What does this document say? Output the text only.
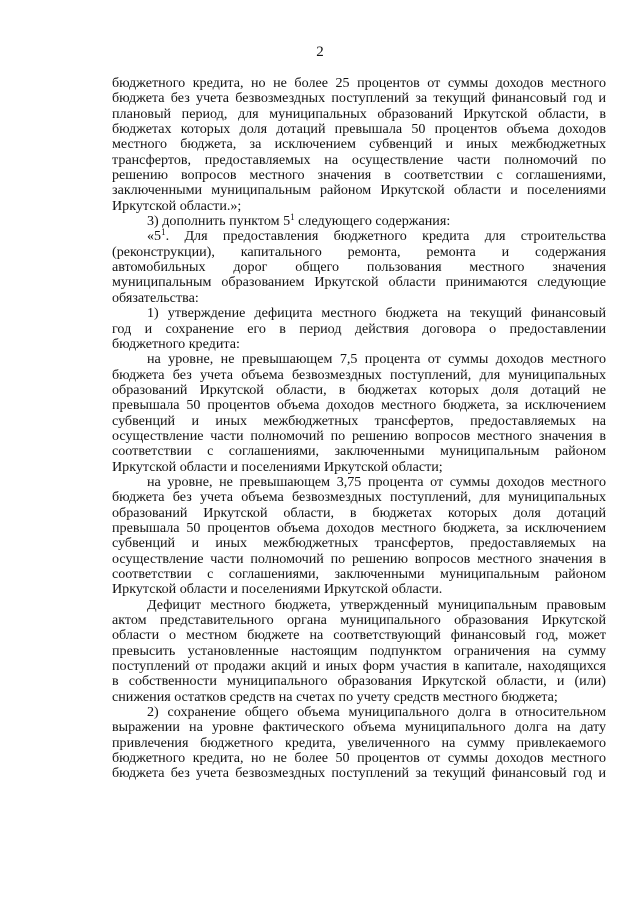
2
бюджетного кредита, но не более 25 процентов от суммы доходов местного
бюджета без учета безвозмездных поступлений за текущий финансовый год и
плановый период, для муниципальных образований Иркутской области, в
бюджетах которых доля дотаций превышала 50 процентов объема доходов
местного бюджета, за исключением субвенций и иных межбюджетных
трансфертов, предоставляемых на осуществление части полномочий по
решению вопросов местного значения в соответствии с соглашениями,
заключенными муниципальным районом Иркутской области и поселениями
Иркутской области.»;
3) дополнить пунктом $5^1$ следующего содержания:
«$5^1$. Для предоставления бюджетного кредита для строительства
(реконструкции), капитального ремонта, ремонта и содержания
автомобильных дорог общего пользования местного значения
муниципальным образованием Иркутской области принимаются следующие
обязательства:
1) утверждение дефицита местного бюджета на текущий финансовый
год и сохранение его в период действия договора о предоставлении
бюджетного кредита:
на уровне, не превышающем 7,5 процента от суммы доходов местного
бюджета без учета объема безвозмездных поступлений, для муниципальных
образований Иркутской области, в бюджетах которых доля дотаций не
превышала 50 процентов объема доходов местного бюджета, за исключением
субвенций и иных межбюджетных трансфертов, предоставляемых на
осуществление части полномочий по решению вопросов местного значения в
соответствии с соглашениями, заключенными муниципальным районом
Иркутской области и поселениями Иркутской области;
на уровне, не превышающем 3,75 процента от суммы доходов местного
бюджета без учета объема безвозмездных поступлений, для муниципальных
образований Иркутской области, в бюджетах которых доля дотаций
превышала 50 процентов объема доходов местного бюджета, за исключением
субвенций и иных межбюджетных трансфертов, предоставляемых на
осуществление части полномочий по решению вопросов местного значения в
соответствии с соглашениями, заключенными муниципальным районом
Иркутской области и поселениями Иркутской области.
Дефицит местного бюджета, утвержденный муниципальным правовым
актом представительного органа муниципального образования Иркутской
области о местном бюджете на соответствующий финансовый год, может
превысить установленные настоящим подпунктом ограничения на сумму
поступлений от продажи акций и иных форм участия в капитале, находящихся
в собственности муниципального образования Иркутской области, и (или)
снижения остатков средств на счетах по учету средств местного бюджета;
2) сохранение общего объема муниципального долга в относительном
выражении на уровне фактического объема муниципального долга на дату
привлечения бюджетного кредита, увеличенного на сумму привлекаемого
бюджетного кредита, но не более 50 процентов от суммы доходов местного
бюджета без учета безвозмездных поступлений за текущий финансовый год и
